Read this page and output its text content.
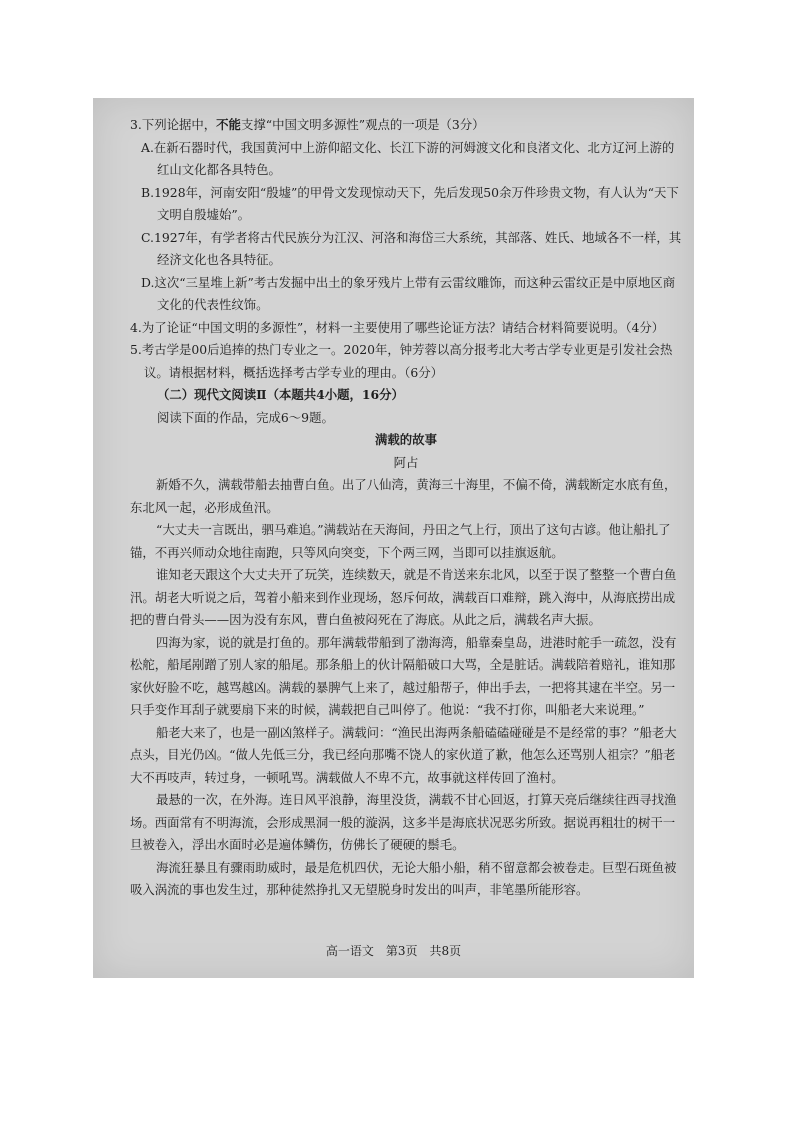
3.下列论据中，不能支撑“中国文明多源性”观点的一项是（3分）

A.在新石器时代，我国黄河中上游仰韶文化、长江下游的河姆渡文化和良渚文化、北方辽河上游的红山文化都各具特色。

B.1928年，河南安阳“殷墟”的甲骨文发现惊动天下，先后发现50余万件珍贵文物，有人认为“天下文明自殷墟始”。

C.1927年，有学者将古代民族分为江汉、河洛和海岱三大系统，其部落、姓氏、地域各不一样，其经济文化也各具特征。

D.这次“三星堆上新”考古发掘中出土的象牙残片上带有云雷纹雕饰，而这种云雷纹正是中原地区商文化的代表性纹饰。

4.为了论证“中国文明的多源性”，材料一主要使用了哪些论证方法？请结合材料简要说明。（4分）

5.考古学是00后追捧的热门专业之一。2020年，钟芳蓉以高分报考北大考古学专业更是引发社会热议。请根据材料，概括选择考古学专业的理由。（6分）

（二）现代文阅读Ⅱ（本题共4小题，16分）

阅读下面的作品，完成6～9题。

满载的故事

阿占

新婚不久，满载带船去抽曹白鱼。出了八仙湾，黄海三十海里，不偏不倚，满载断定水底有鱼，东北风一起，必形成鱼汛。

“大丈夫一言既出，驷马难追。”满载站在天海间，丹田之气上行，顶出了这句古谚。他让船扎了锚，不再兴师动众地往南跑，只等风向突变，下个两三网，当即可以挂旗返航。

谁知老天跟这个大丈夫开了玩笑，连续数天，就是不肯送来东北风，以至于误了整整一个曹白鱼汛。胡老大听说之后，驾着小船来到作业现场，怒斥何故，满载百口难辩，跳入海中，从海底捞出成把的曹白骨头——因为没有东风，曹白鱼被闷死在了海底。从此之后，满载名声大振。

四海为家，说的就是打鱼的。那年满载带船到了渤海湾，船靠秦皇岛，进港时舵手一疏忽，没有松舵，船尾剐蹭了别人家的船尾。那条船上的伙计隔船破口大骂，全是脏话。满载陪着赔礼，谁知那家伙好脸不吃，越骂越凶。满载的暴脾气上来了，越过船帮子，伸出手去，一把将其逮在半空。另一只手变作耳刮子就要扇下来的时候，满载把自己叫停了。他说：“我不打你，叫船老大来说理。”

船老大来了，也是一副凶煞样子。满载问：“渔民出海两条船磕磕碰碰是不是经常的事？”船老大点头，目光仍凶。“做人先低三分，我已经向那嘴不饶人的家伙道了歉，他怎么还骂别人祖宗？”船老大不再吱声，转过身，一顿吼骂。满载做人不卑不亢，故事就这样传回了渔村。

最悬的一次，在外海。连日风平浪静，海里没货，满载不甘心回返，打算天亮后继续往西寻找渔场。西面常有不明海流，会形成黑洞一般的漩涡，这多半是海底状况恶劣所致。据说再粗壮的树干一旦被卷入，浮出水面时必是遍体鳞伤，仿佛长了硬硬的鬃毛。

海流狂暴且有骤雨助威时，最是危机四伏，无论大船小船，稍不留意都会被卷走。巨型石斑鱼被吸入涡流的事也发生过，那种徒然挣扎又无望脱身时发出的叫声，非笔墨所能形容。

高一语文　第3页　共8页
